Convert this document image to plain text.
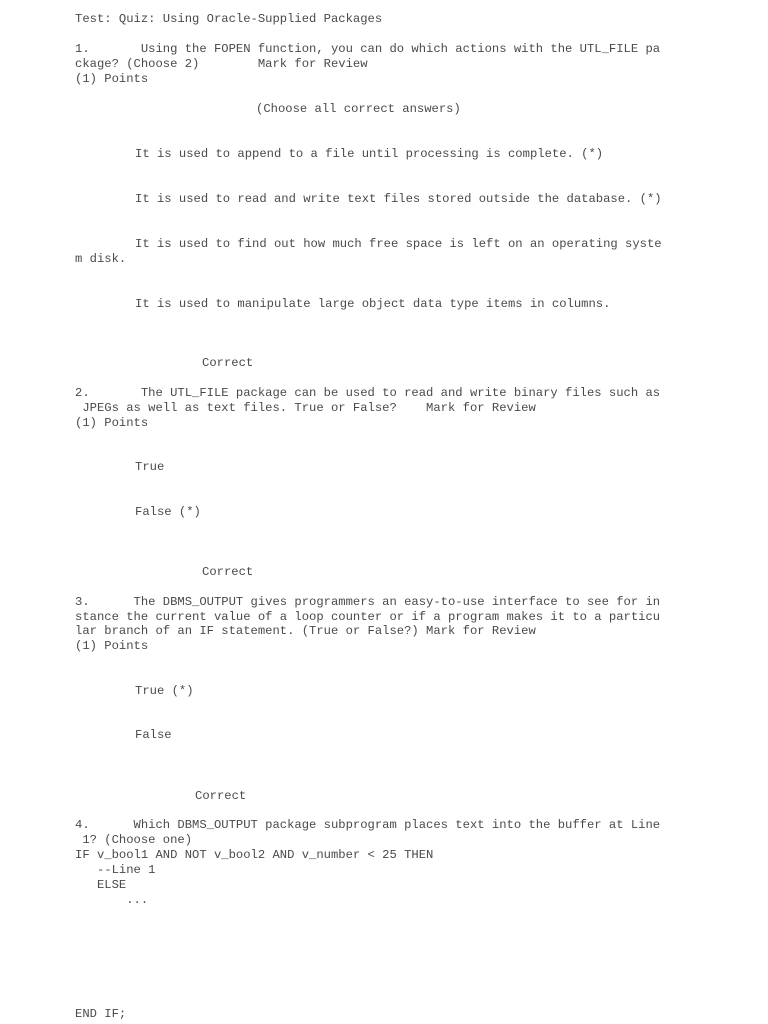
Test: Quiz: Using Oracle-Supplied Packages
1.       Using the FOPEN function, you can do which actions with the UTL_FILE pa
ckage? (Choose 2)        Mark for Review
(1) Points
(Choose all correct answers)
It is used to append to a file until processing is complete. (*)
It is used to read and write text files stored outside the database. (*)
It is used to find out how much free space is left on an operating syste
m disk.
It is used to manipulate large object data type items in columns.
Correct
2.       The UTL_FILE package can be used to read and write binary files such as
JPEGs as well as text files. True or False?    Mark for Review
(1) Points
True
False (*)
Correct
3.      The DBMS_OUTPUT gives programmers an easy-to-use interface to see for in
stance the current value of a loop counter or if a program makes it to a particu
lar branch of an IF statement. (True or False?) Mark for Review
(1) Points
True (*)
False
Correct
4.      Which DBMS_OUTPUT package subprogram places text into the buffer at Line
1? (Choose one)
IF v_bool1 AND NOT v_bool2 AND v_number < 25 THEN
--Line 1
ELSE
...
END IF;
